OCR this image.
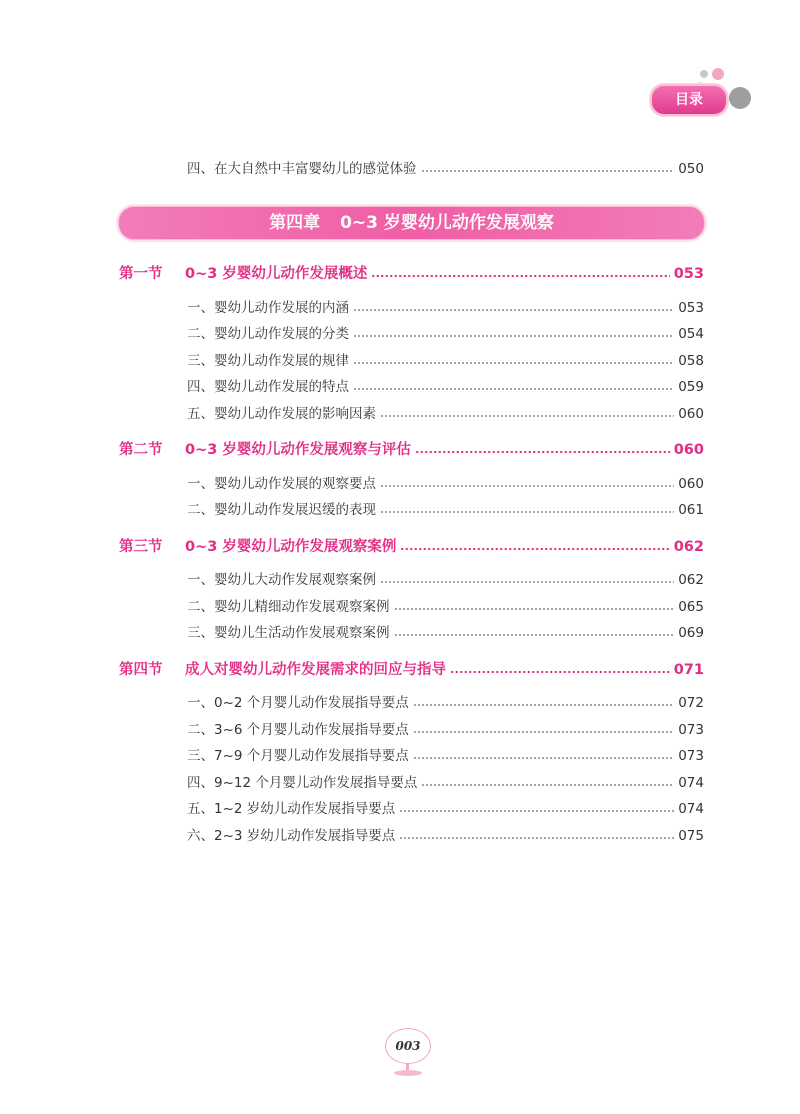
目录
四、在大自然中丰富婴幼儿的感觉体验	050
第四章 0~3 岁婴幼儿动作发展观察
第一节	0~3 岁婴幼儿动作发展概述	053
一、婴幼儿动作发展的内涵	053
二、婴幼儿动作发展的分类	054
三、婴幼儿动作发展的规律	058
四、婴幼儿动作发展的特点	059
五、婴幼儿动作发展的影响因素	060
第二节	0~3 岁婴幼儿动作发展观察与评估	060
一、婴幼儿动作发展的观察要点	060
二、婴幼儿动作发展迟缓的表现	061
第三节	0~3 岁婴幼儿动作发展观察案例	062
一、婴幼儿大动作发展观察案例	062
二、婴幼儿精细动作发展观察案例	065
三、婴幼儿生活动作发展观察案例	069
第四节	成人对婴幼儿动作发展需求的回应与指导	071
一、0~2 个月婴儿动作发展指导要点	072
二、3~6 个月婴儿动作发展指导要点	073
三、7~9 个月婴儿动作发展指导要点	073
四、9~12 个月婴儿动作发展指导要点	074
五、1~2 岁幼儿动作发展指导要点	074
六、2~3 岁幼儿动作发展指导要点	075
003
